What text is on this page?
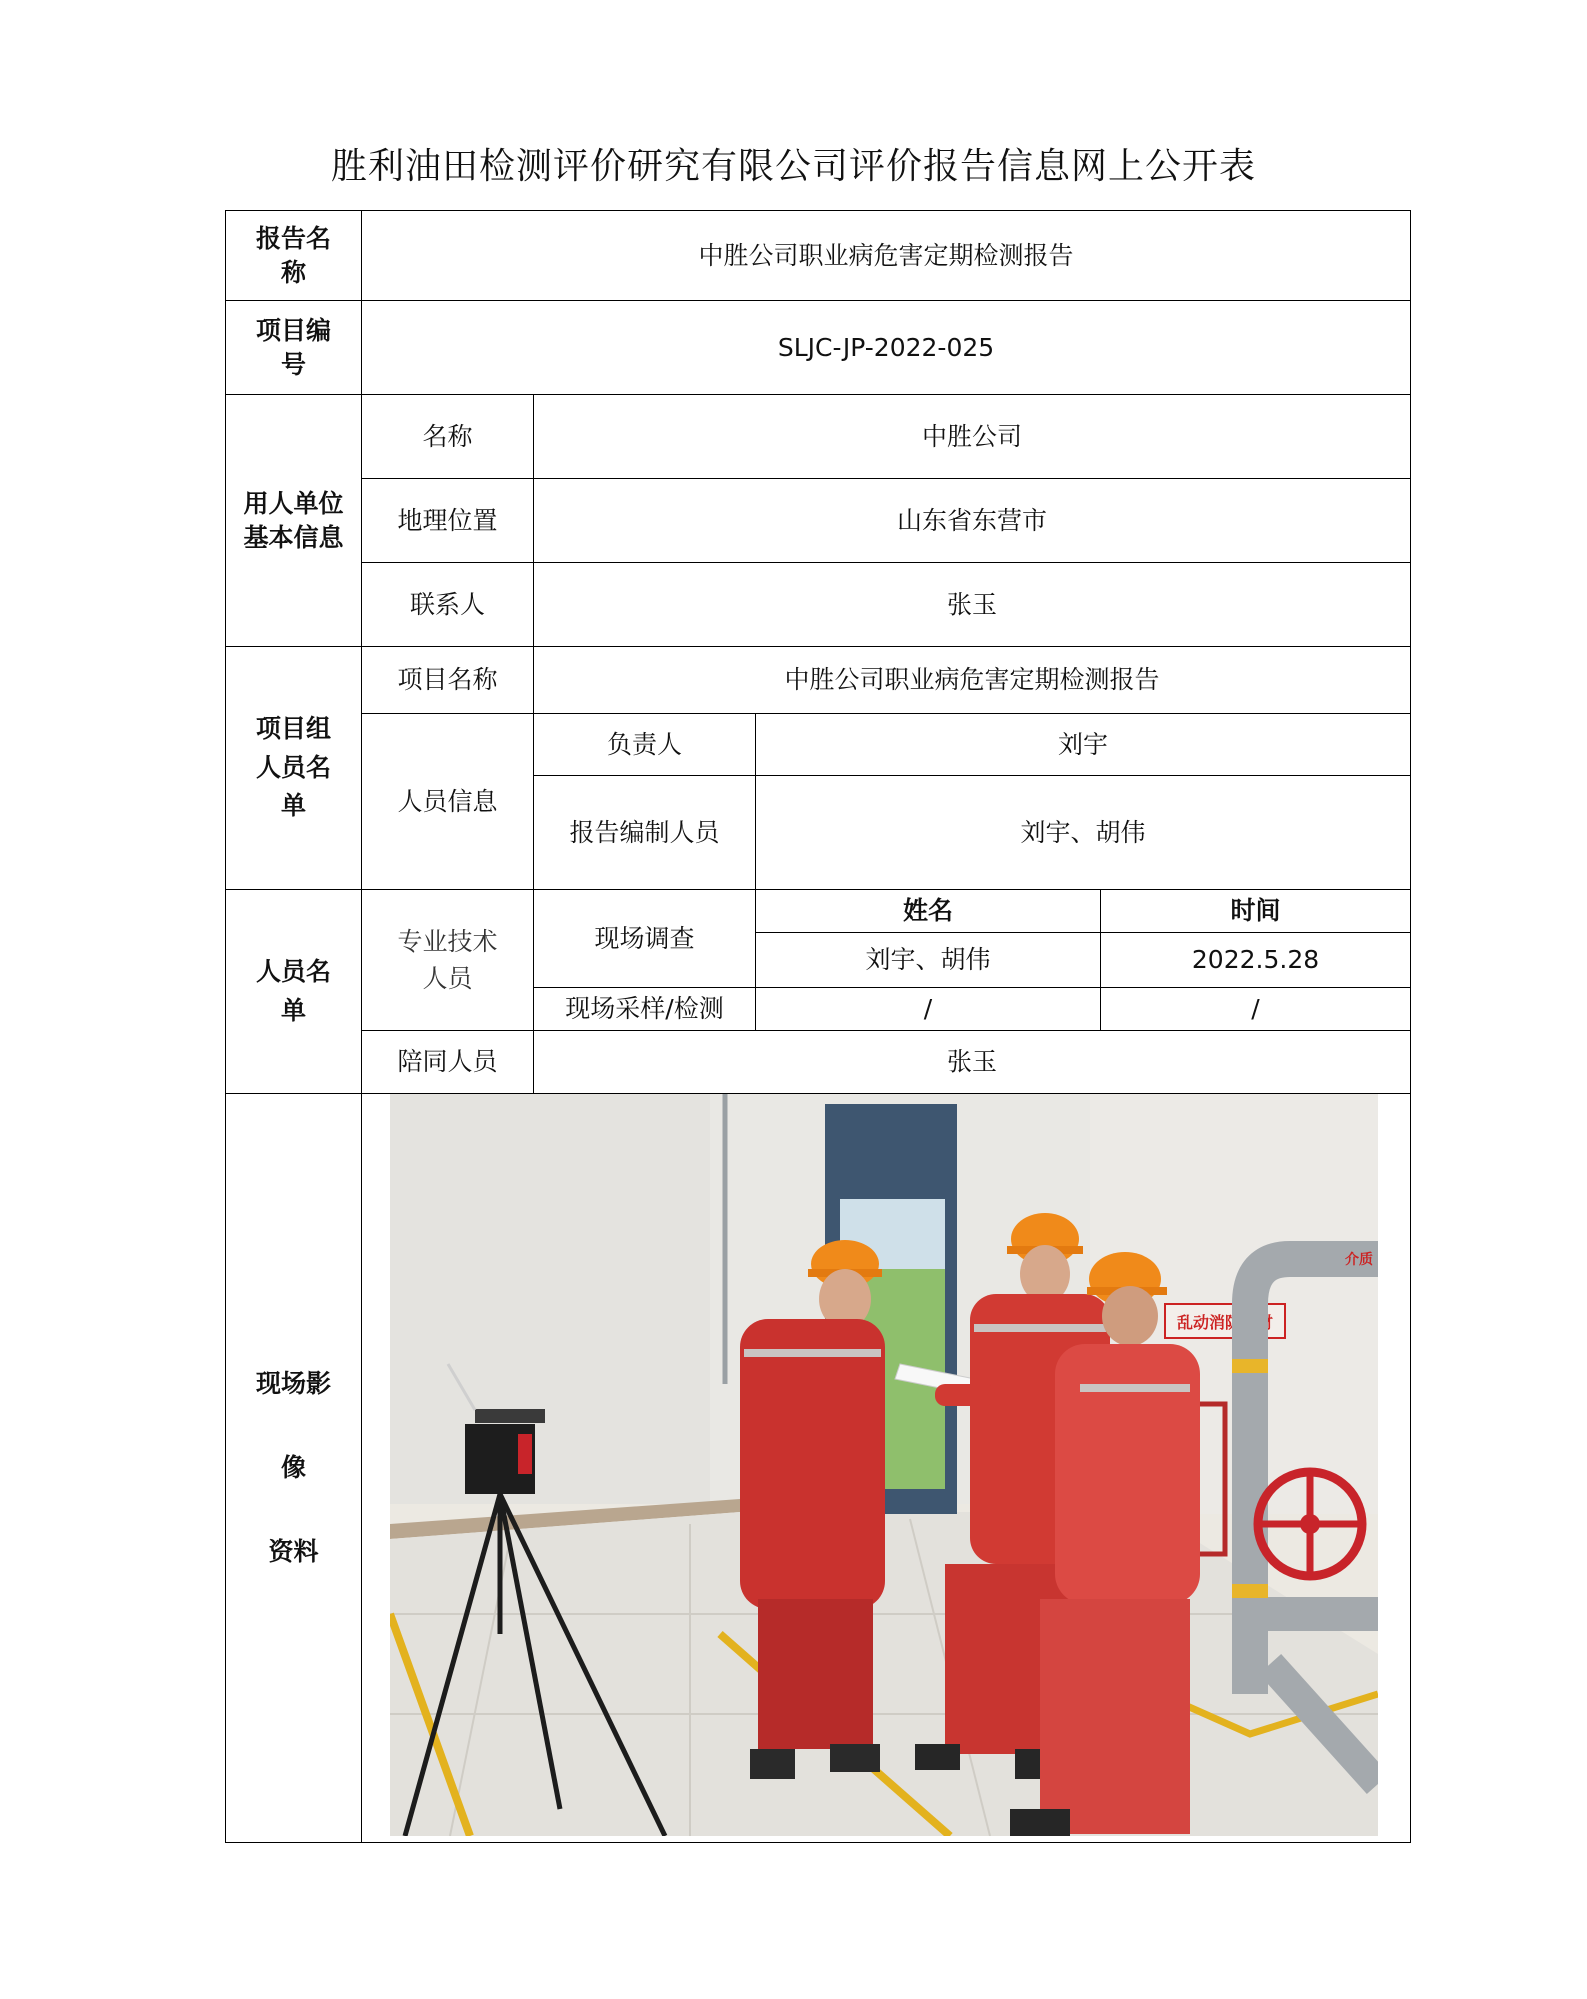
胜利油田检测评价研究有限公司评价报告信息网上公开表
报告名称	中胜公司职业病危害定期检测报告			

项目编号	SLJC-JP-2022-025			

用人单位基本信息	名称	中胜公司		
	地理位置	山东省东营市		
	联系人	张玉		

项目组人员名单	项目名称	中胜公司职业病危害定期检测报告		
	人员信息	负责人	刘宇	
		报告编制人员	刘宇、胡伟	

人员名单	专业技术人员	现场调查	姓名	时间
			刘宇、胡伟	2022.5.28
		现场采样/检测	/	/
	陪同人员	张玉		

现场影
像
资料	乱动消防器材
介质			
